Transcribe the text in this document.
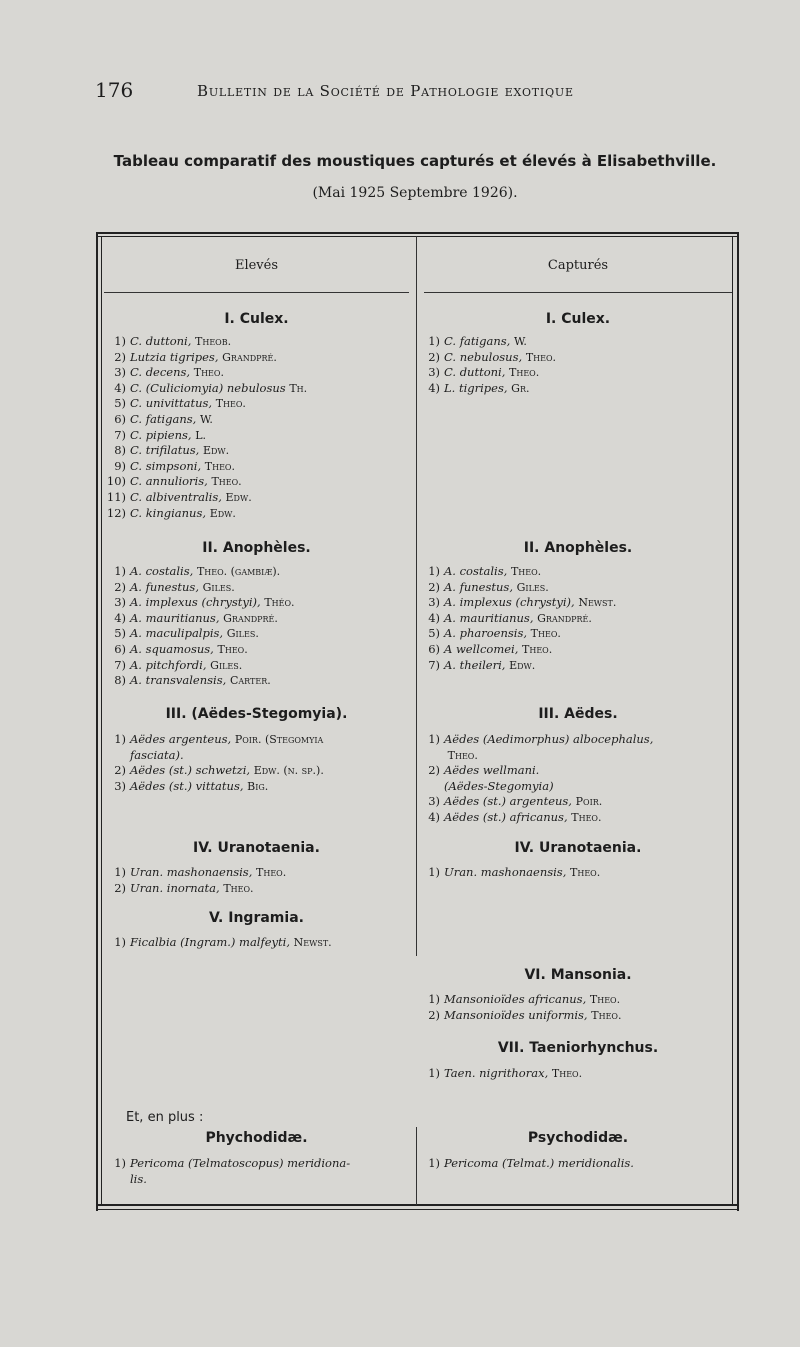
176	Bulletin de la Société de Pathologie exotique
Tableau comparatif des moustiques capturés et élevés à Elisabethville.
(Mai 1925 Septembre 1926).
Elevés	Capturés
I. Culex.
1) C. duttoni, Theob.
2) Lutzia tigripes, Grandpré.
3) C. decens, Theo.
4) C. (Culiciomyia) nebulosus Th.
5) C. univittatus, Theo.
6) C. fatigans, W.
7) C. pipiens, L.
8) C. trifilatus, Edw.
9) C. simpsoni, Theo.
10) C. annulioris, Theo.
11) C. albiventralis, Edw.
12) C. kingianus, Edw.
II. Anophèles.
1) A. costalis, Theo. (gambiæ).
2) A. funestus, Giles.
3) A. implexus (chrystyi), Théo.
4) A. mauritianus, Grandpré.
5) A. maculipalpis, Giles.
6) A. squamosus, Theo.
7) A. pitchfordi, Giles.
8) A. transvalensis, Carter.
III. (Aëdes-Stegomyia).
1) Aëdes argenteus, Poir. (Stegomyia
fasciata).
2) Aëdes (st.) schwetzi, Edw. (n. sp.).
3) Aëdes (st.) vittatus, Big.
IV. Uranotaenia.
1) Uran. mashonaensis, Theo.
2) Uran. inornata, Theo.
V. Ingramia.
1) Ficalbia (Ingram.) malfeyti, Newst.
I. Culex.
1) C. fatigans, W.
2) C. nebulosus, Theo.
3) C. duttoni, Theo.
4) L. tigripes, Gr.
II. Anophèles.
1) A. costalis, Theo.
2) A. funestus, Giles.
3) A. implexus (chrystyi), Newst.
4) A. mauritianus, Grandpré.
5) A. pharoensis, Theo.
6) A wellcomei, Theo.
7) A. theileri, Edw.
III. Aëdes.
1) Aëdes (Aedimorphus) albocephalus,
Theo.
2) Aëdes wellmani.
(Aëdes-Stegomyia)
3) Aëdes (st.) argenteus, Poir.
4) Aëdes (st.) africanus, Theo.
IV. Uranotaenia.
1) Uran. mashonaensis, Theo.
VI. Mansonia.
1) Mansonioïdes africanus, Theo.
2) Mansonioïdes uniformis, Theo.
VII. Taeniorhynchus.
1) Taen. nigrithorax, Theo.
Et, en plus :
Phychodidæ.
1) Pericoma (Telmatoscopus) meridiona-
lis.
Psychodidæ.
1) Pericoma (Telmat.) meridionalis.
